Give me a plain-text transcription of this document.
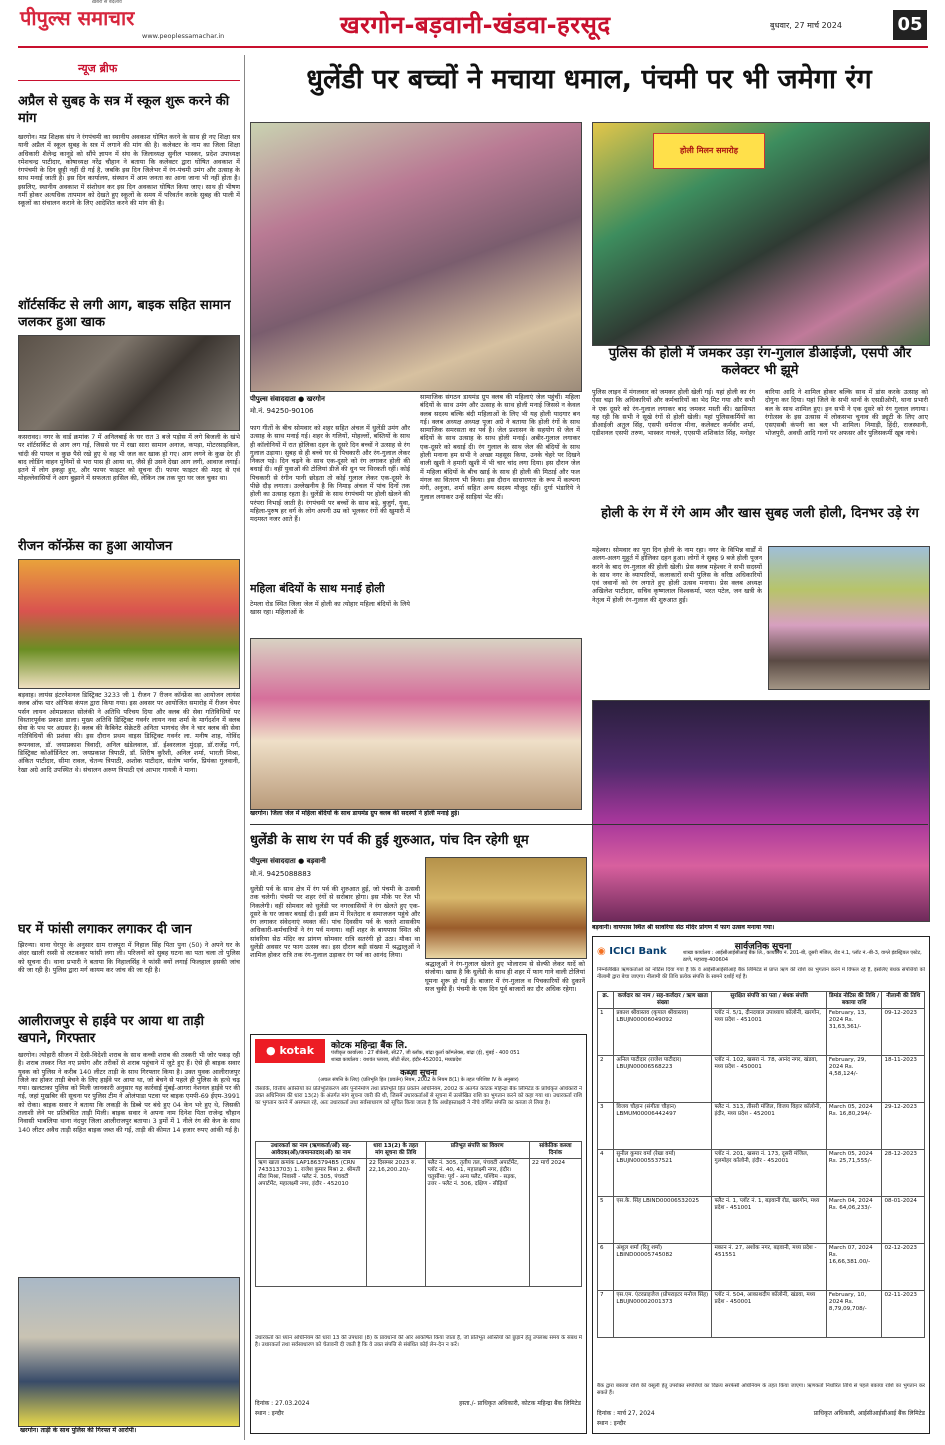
पीपुल्स समाचार
ख़बरों से बदलाव
www.peoplessamachar.in	खरगोन-बड़वानी-खंडवा-हरसूद	बुधवार, 27 मार्च 2024	05
न्यूज ब्रीफ
अप्रैल से सुबह के सत्र में स्कूल शुरू करने की मांग
खरगोन। मप्र शिक्षक संघ ने रंगपंचमी का स्थानीय अवकाश घोषित करने के साथ ही नए शिक्षा सत्र यानी अप्रैल में स्कूल सुबह के सत्र में लगाने की मांग की है। कलेक्टर के नाम का जिला शिक्षा अधिकारी शैलेन्द्र कानूडे को सौंपे ज्ञापन में संघ के जिलाध्यक्ष सुनील भास्कर, प्रदेश उपाध्यक्ष रमेशचन्द्र पाटीदार, कोषाध्यक्ष नरेंद्र चौहान ने बताया कि कलेक्टर द्वारा घोषित अवकाश में रंगपंचमी के दिन छुट्टी नहीं दी गई है, जबकि इस दिन जिलेभर में रंग-पंचमी उमंग और उत्साह के साथ मनाई जाती है। इस दिन कार्यालय, संस्थान में आम जनता का आना जाना भी नहीं होता है। इसलिए, स्थानीय अवकाश में संशोधन कर इस दिन अवकाश घोषित किया जाए। साथ ही भीषण गर्मी होकर अत्यधिक तापमान को देखते हुए स्कूलों के समय में परिवर्तन करके सुबह की पाली में स्कूलों का संचालन कराने के लिए आदेशित करने की मांग की है।
शॉर्टसर्किट से लगी आग, बाइक सहित सामान जलकर हुआ खाक
कसरावद। नगर के वार्ड क्रमांक 7 में अनिलबाई के घर रात 3 बजे पड़ोस में लगे बिजली के खंभे पर शॉर्टसर्किट से आग लग गई, जिससे घर में रखा सारा सामान अनाज, कपड़ा, मोटरसाइकिल, चांदी की पायल व कुछ पैसे रखे हुए थे वह भी जल कर खाक हो गए। आग लगने के कुछ देर ही बाद लोडिंग वाहन मुनिमों से भरा पास ही आया था, जैसे ही उसने देखा आग लगी, आवाज लगाई। इतने में लोग इकट्ठा हुए, और फायर फाइटर को सूचना दी। फायर फाइटर की मदद से एवं मोहल्लेवासियों ने आग बुझाने में सफलता हासिल की, लेकिन तब तक पूरा घर जल चुका था।
रीजन कॉन्फ्रेंस का हुआ आयोजन
बड़वाह। लायंस इंटरनेशनल डिस्ट्रिक्ट 3233 जी 1 रीजन 7 रीजन कॉन्फ्रेंस का आयोजन लायंस क्लब ऑफ पार ऑफिस कंपल द्वारा किया गया। इस अवसर पर आयोजित समारोह में रीजन चेयर पर्सन लायन ओमप्रकाश सोलंकी ने अतिथि परिचय दिया और क्लब की सेवा गतिविधियों पर विस्तारपूर्वक प्रकाश डाला। मुख्य अतिथि डिस्ट्रिक्ट गवर्नर लायन नवा शर्मा के मार्गदर्शन में क्लब सेवा के पथ पर अग्रसर है। क्लब की कैबिनेट सेक्रेटरी अनिता भागचंद जैन ने चार क्लब की सेवा गतिविधियों की प्रशंसा की। इस दौरान प्रथम वाइस डिस्ट्रिक्ट गवर्नर ला. मनीष शाह, गोविंद रूपनवाल, डॉ. जयाप्रकाश त्रिवादी, अनिल खंडेलवाल, डॉ. ईश्वरलाल मुंदड़ा, डॉ.राजेंद्र गर्ग, डिस्ट्रिक्ट कोऑर्डिनेटर ला. जयप्रकाश त्रिपाठी, डॉ. शिरीष कुरैशी, अनिल शर्मा, भारती मिश्रा, अंकित पाटीदार, सीमा रावल, चेतन्य त्रिपाठी, अशोक पाटीदार, संतोष भार्गव, प्रियंका गुलवानी, रेखा अग्रे आदि उपस्थित थे। संचालन अरुण त्रिपाठी एवं आभार गायत्री ने माना।
घर में फांसी लगाकर लगाकर दी जान
झिरन्या। थाना घेरपुर के अनुसार ग्राम राजपुरा में निहाल सिंह पिता पुना (50) ने अपने घर के अंदर खाली रस्सी से लटककर फांसी लगा ली। परिजनों को सुबह घटना का पता चला तो पुलिस को सूचना दी। थाना प्रभारी ने बताया कि निहालसिंह ने फांसी क्यों लगाई फिलहाल इसकी जांच की जा रही है। पुलिस द्वारा मर्ग कायम कर जांच की जा रही है।
आलीराजपुर से हाईवे पर आया था ताड़ी खपाने, गिरफ्तार
खरगोन। त्योहारी सीजन में देसी-विदेशी शराब के साथ कच्ची शराब की तस्करी भी जोर पकड़ रही है। शराब तस्कर नित नए प्रयोग और तरीकों से शराब पहुंचाने में जुटे हुए हैं। ऐसे ही बाइक सवार युवक को पुलिस ने करीब 140 लीटर ताड़ी के साथ गिरफ्तार किया है। उक्त युवक आलीराजपुर जिले का होकर ताड़ी बेचने के लिए हाईवे पर आया था, जो बेचने से पहले ही पुलिस के हत्थे चढ़ गया। खलटाका पुलिस को मिली जानकारी अनुसार यह कार्रवाई मुंबई-आगरा नेशनल हाईवे पर की गई, जहां मुखबिर की सूचना पर पुलिस टीम ने ओलंपाडा पटवा पर बाइक एमपी-69 ईएम-3991 को रोका। बाइक सवार ने बताया कि लकड़ी के डिब्बे पर बंधे हुए 04 केन भरे हुए थे, जिसकी तलाशी लेने पर प्रतिबंधित ताड़ी मिली। बाइक सवार ने अपना नाम दिनेश पिता राजेन्द्र चौहान निवासी भाबलिया थाना नंदपुर जिला आलीराजपुर बताया। 3 ड्रमों में 1 नीले रंग की केन के साथ 140 लीटर अवैध ताड़ी सहित बाइक जब्त की गई, ताड़ी की कीमत 14 हजार रुपए आंकी गई है।
खरगोन। ताड़ी के साथ पुलिस की गिरफ्त में आरोपी।
धुलेंडी पर बच्चों ने मचाया धमाल, पंचमी पर भी जमेगा रंग
पीपुल्स संवाददाता ● खरगोन
मो.नं. 94250-90106
फाग गीतों के बीच सोमवार को शहर सहित अंचल में धुलेंडी उमंग और उत्साह के साथ मनाई गई। शहर के गलियों, मोहल्लों, बस्तियों के साथ ही कॉलोनियों में रात होलिका दहन के दूसरे दिन बच्चों ने उत्साह से रंग गुलाल उड़ाया। सुबह से ही बच्चे घर से पिचकारी और रंग-गुलाल लेकर निकल पड़े। दिन चढ़ने के साथ एक-दूसरे को रंग लगाकर होली की बधाई दी। वहीं युवाओं की टोलियां डीजे की धुन पर थिरकती रहीं। कोई पिचकारी से रंगीन पानी छोड़ता तो कोई गुलाल लेकर एक-दूसरे के पीछे दौड़ लगाता। उल्लेखनीय है कि निमाड़ अंचल में पांच दिनों तक होली का उत्साह रहता है। धुलेंडी के साथ रंगपंचमी पर होली खेलने की परंपरा निभाई जाती है। रंगपंचमी पर बच्चों के साथ बड़े, बुजुर्ग, युवा, महिला-पुरुष हर वर्ग के लोग अपनी उम्र को भूलकर रंगों की खुमारी में मदमस्त नजर आते हैं।
महिला बंदियों के साथ मनाई होली
टेमला रोड स्थित जिला जेल में होली का त्योहार महिला बंदियों के लिये खास रहा। महिलाओं के
सामाजिक संगठन डायमंड ग्रुप क्लब की महिलाएं जेल पहुंचीं। महिला बंदियों के साथ उमंग और उत्साह के साथ होली मनाई जिससे न केवल क्लब सदस्य बल्कि बंदी महिलाओं के लिए भी यह होली यादगार बन गई। क्लब अध्यक्ष अध्यक्ष पूजा अग्रे ने बताया कि होली रंगों के साथ सामाजिक समरसता का पर्व है। जेल प्रशासन के सहयोग से जेल में बंदियों के साथ उत्साह के साथ होली मनाई। अबीर-गुलाल लगाकर एक-दूसरे को बधाई दी। रंग गुलाल के साथ जेल की बंदियों के साथ होली मनाना हम सभी ने अच्छा महसूस किया, उनके चेहरे पर दिखने वाली खुशी ने हमारी खुशी में भी चार चांद लगा दिया। इस दौरान जेल में महिला बंदियों के बीच खाई के साथ ही होली की मिठाई और फल मंगल का वितरण भी किया। इस दौरान साधारणतः के रूप में कल्पना मंगी, अनुजा, शर्मा सहित अन्य सदस्य मौजूद रहीं। दुर्गा भंडारिये ने गुलाल लगाकर उन्हें साड़ियां भेंट कीं।
खरगोन। जिला जेल में महिला बंदियों के साथ डायमंड ग्रुप क्लब की सदस्यों ने होली मनाई हुई।
होली मिलन समारोह
पुलिस की होली में जमकर उड़ा रंग-गुलाल डीआईजी, एसपी और कलेक्टर भी झूमे
पुलिस लाइन में मंगलवार को जमकर होली खेली गई। यहां होली का रंग ऐसा चढ़ा कि अधिकारियों और कर्मचारियों का भेद मिट गया और सभी ने एक दूसरे को रंग-गुलाल लगाकर बाद जमकर मस्ती की। खासियत यह रही कि सभी ने सूखे रंगों से होली खेली। यहां पुलिसकर्मियों का डीआईजी अतुल सिंह, एसपी धर्मराज मीना, कलेक्टर कर्मवीर शर्मा, एडीशनल एसपी तरुण, भास्कर गाचले, एएसपी शशिकांत सिंह, मनोहर बारिया आदि ने शामिल होकर बल्कि साथ में डांस करके उत्साह को दोगुना कर दिया। यहां जिले के सभी थानों के एसडीओपी, थाना प्रभारी बल के साथ शामिल हुए। इन सभी ने एक दूसरे को रंग गुलाल लगाया। रंगोत्सव के इस उत्सास में लोकसभा चुनाव की ड्यूटी के लिए आए एसएसबी कंपनी का बल भी शामिल। निमाड़ी, हिंदी, राजस्थानी, भोजपुरी, अवधी आदि गानों पर अफसर और पुलिसकर्मी खूब नाचे।
होली के रंग में रंगे आम और खास सुबह जली होली, दिनभर उड़े रंग
महेश्वर। सोमवार का पूरा दिन होली के नाम रहा। नगर के विभिन्न वार्डों में अलग-अलग मुहूर्त में होलिका दहन हुआ। लोगों ने सुबह 9 बजे होली पूजन करने के बाद रंग-गुलाल की होली खेली। प्रेस क्लब महेश्वर ने सभी सदस्यों के साथ नगर के व्यापारियों, कलाकारों सभी पुलिस के वरिष्ठ अधिकारियों एवं जवानों को रंग लगाते हुए होली उत्सव मनाया। प्रेस क्लब अध्यक्ष अखिलेश पाटीदार, सचिव कृष्णलाल विश्वकर्मा, भरत पटेल, जन खत्री के नेतृत्व में होली रंग-गुलाल की शुरुआत हुई।
बड़वानी। वायपास स्थित श्री सावरिया सेठ मंदिर प्रांगण में फाग उत्सव मनाया गया।
धुलेंडी के साथ रंग पर्व की हुई शुरुआत, पांच दिन रहेगी धूम
पीपुल्स संवाददाता ● बड़वानी
मो.नं. 9425088883
धुलेंडी पर्व के साथ क्षेत्र में रंग पर्व की शुरुआत हुई, जो पंचमी के उत्सवी तक चलेगी। पंचमी पर शहर रंगों से सरोबार होगा। इस मौके पर रेंज भी निकलेगी। वहीं सोमवार को धुलेंडी पर नगरवासियों ने रंग खेलते हुए एक-दूसरे के घर जाकर बधाई दी। इसी क्रम में रिश्तेदार व समाजजन पहुंचे और रंग लगाकर संवेदनाएं व्यक्त कीं। पांच दिवसीय पर्व के चलते शासकीय अधिकारी-कर्मचारियों ने रंग पर्व मनाया। वहीं शहर के बायपास स्थित श्री सांवरिया सेठ मंदिर का प्रांगण सोमवार रात्रि सतरंगी हो उठा। मौका था धुलेंडी अवसर पर फाग उत्सव का। इस दौरान बड़ी संख्या में श्रद्धालुओं ने शामिल होकर रात्रि तक रंग-गुलाल उड़ाकर रंग पर्व का आनंद लिया।
श्रद्धालुओं ने रंग-गुलाल खेलते हुए भोलाराम से सेल्फी लेकर यादें को संजोया। खास है कि धुलेंडी के साथ ही शहर में फाग गाने वाली टोलियां घूमना शुरू हो गई हैं। बाजार में रंग-गुलाल व पिचकारियों की दुकानें सज चुकी हैं। पंचमी के एक दिन पूर्व बाजारों का दौर अधिक रहेगा।
● kotak	कोटक महिन्द्रा बैंक लि.
पंजीकृत कार्यालय : 27 बीकेसी, सी27, जी ब्लॉक, बांद्रा कुर्ला कॉम्प्लेक्स, बांद्रा (ई), मुंबई - 400 051
शाखा कार्यालय : यशवंत प्लाजा, सीटी सेंटर, इंदौर-452001, मध्यप्रदेश
कब्ज़ा सूचना
(अचल संपत्ति के लिए) (प्रतिभूति हित (प्रवर्तन) नियम, 2002 के नियम 8(1) के तहत परिशिष्ट IV के अनुसार)
जैसाकि, वित्तीय आस्तियों का प्रतिभूतिकरण और पुनर्निर्माण तथा प्रतिभूति हित प्रवर्तन अधिनियम, 2002 के अंतर्गत कोटक महिन्द्रा बैंक लिमिटेड के प्राधिकृत अधिकारी ने उक्त अधिनियम की धारा 13(2) के अंतर्गत मांग सूचना जारी की थी, जिसमें उधारकर्ताओं से सूचना में उल्लेखित राशि का भुगतान करने को कहा गया था। उधारकर्ता राशि का भुगतान करने में असफल रहे, अतः उधारकर्ता तथा सर्वसाधारण को सूचित किया जाता है कि अधोहस्ताक्षरी ने नीचे वर्णित संपत्ति का कब्जा ले लिया है।
उधारकर्ता का नाम (ऋणकर्ता/ओं) सह-आवेदक(ओं)/जमानतदार(ओं) का नाम	धारा 13(2) के तहत मांग सूचना की तिथि	प्रतिभूत संपत्ति का विवरण	सांकेतिक कब्जा दिनांक
ऋण खाता क्रमांक LAP1863794B5 (CRN 743313703) 1. राजेश कुमार मिश्रा 2. श्रीमती मीरा मिश्रा, निवासी - फ्लैट नं. 305, पंचवटी अपार्टमेंट, महालक्ष्मी नगर, इंदौर - 452010	22 दिसम्बर 2023 रु. 22,16,200.20/-	फ्लैट नं. 305, तृतीय तल, पंचवटी अपार्टमेंट, प्लॉट नं. 40, 41, महालक्ष्मी नगर, इंदौर। चतुर्सीमा: पूर्व - अन्य फ्लैट, पश्चिम - सड़क, उत्तर - फ्लैट नं. 306, दक्षिण - सीढ़ियाँ	22 मार्च 2024
उधारकर्ता का ध्यान अधिनियम की धारा 13 की उपधारा (8) के प्रावधानों की ओर आकर्षित किया जाता है, जो प्रतिभूत आस्तियों को छुड़ाने हेतु उपलब्ध समय के संबंध में है। उधारकर्ता तथा सर्वसाधारण को चेतावनी दी जाती है कि वे उक्त संपत्ति से संबंधित कोई लेन-देन न करें।
दिनांक : 27.03.2024
स्थान : इन्दौर
हस्ता./- प्राधिकृत अधिकारी, कोटक महिन्द्रा बैंक लिमिटेड
◉ ICICI Bank	सार्वजनिक सूचना
शाखा कार्यालय : आईसीआईसीआई बैंक लि., कार्यालय नं. 201-बी, दूसरी मंजिल, रोड नं.1, प्लॉट नं.-बी-3, वाग्ले इंडस्ट्रियल एस्टेट, ठाणे, महाराष्ट्र-400604
निम्नलिखित ऋणकर्ताओं को नोटिस दिया गया है कि वे आईसीआईसीआई बैंक लिमिटेड से प्राप्त ऋण की राशि का भुगतान करने में विफल रहे हैं, इसलिए बंधक संपत्तियों को नीलामी द्वारा बेचा जाएगा। नीलामी की तिथि प्रत्येक संपत्ति के सामने दर्शाई गई है।
क्र.	कर्जदार का नाम / सह-कर्जदार / ऋण खाता संख्या	सुरक्षित संपत्ति का पता / बंधक संपत्ति	डिमांड नोटिस की तिथि / बकाया राशि	नीलामी की तिथि
1	प्रकाश श्रीवास्तव (कृपाल श्रीवास्तव) LBUJN00006049092	प्लॉट नं. 5/1, दीनदयाल उपाध्याय कॉलोनी, खरगोन, मध्य प्रदेश - 451001	February, 13, 2024 Rs. 31,63,361/-	09-12-2023
2	अनिल पाटीदार (राजेश पाटीदार) LBUJN00006568223	प्लॉट नं. 102, खसरा नं. 78, आनंद नगर, खंडवा, मध्य प्रदेश - 450001	February, 29, 2024 Rs. 4,58,124/-	18-11-2023
3	विजय चौहान (संगीता चौहान) LBMUM00006442497	फ्लैट नं. 313, तीसरी मंजिल, विजय विहार कॉलोनी, इंदौर, मध्य प्रदेश - 452001	March 05, 2024 Rs. 16,80,294/-	29-12-2023
4	सुनील कुमार वर्मा (रेखा वर्मा) LBUJN00005537521	प्लॉट नं. 201, खसरा नं. 173, दूसरी मंजिल, गुलमोहर कॉलोनी, इंदौर - 452001	March 05, 2024 Rs. 25,71,555/-	28-12-2023
5	एस.के. सिंह LBIND00006532025	फ्लैट नं. 1, प्लॉट नं. 1, बड़वानी रोड, खरगोन, मध्य प्रदेश - 451001	March 04, 2024 Rs. 64,06,233/-	08-01-2024
6	अंशुल शर्मा (रितु शर्मा) LBIND00005745082	मकान नं. 27, अशोक नगर, बड़वानी, मध्य प्रदेश - 451551	March 07, 2024 Rs. 16,66,381.00/-	02-12-2023
7	एस.एम. एंटरप्राइजेज (प्रोपराइटर मनोज सिंह) LBUJN00002001373	प्लॉट नं. 504, आकाशदीप कॉलोनी, खंडवा, मध्य प्रदेश - 450001	February, 10, 2024 Rs. 8,79,09,708/-	02-11-2023
बैंक द्वारा बकाया राशि की वसूली हेतु उपरोक्त संपत्तियों का विक्रय सरफेसी अधिनियम के तहत किया जाएगा। ऋणकर्ता निर्धारित तिथि से पहले बकाया राशि का भुगतान कर सकते हैं।
दिनांक : मार्च 27, 2024
स्थान : इन्दौर
प्राधिकृत अधिकारी, आईसीआईसीआई बैंक लिमिटेड
